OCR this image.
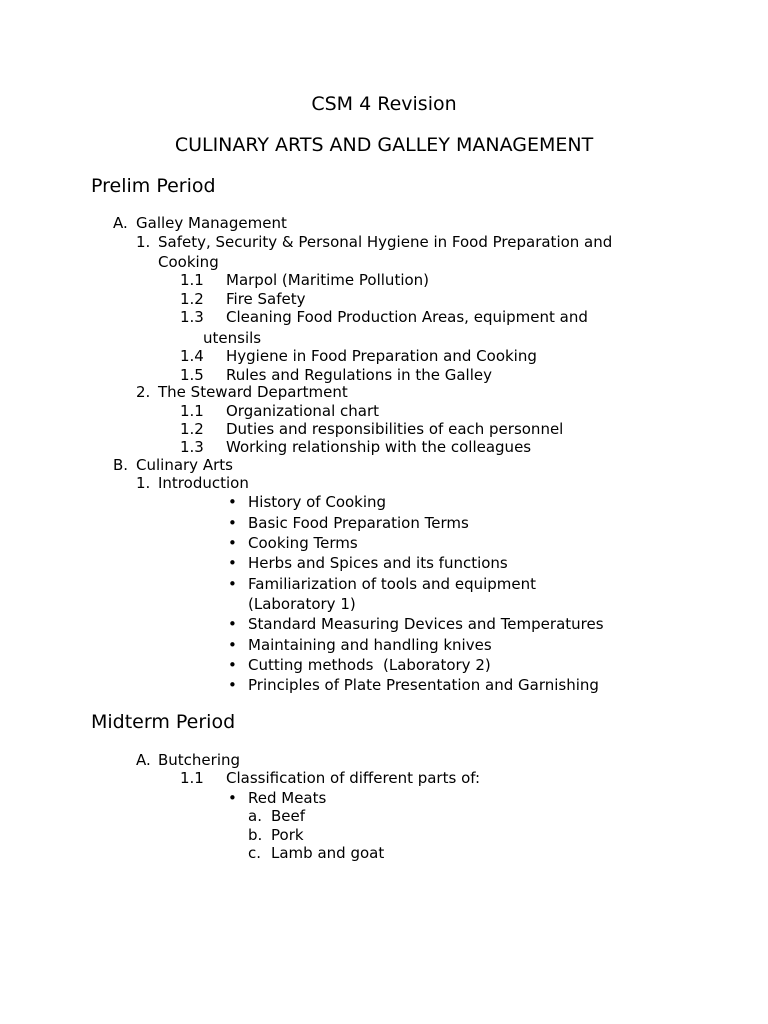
CSM 4 Revision
CULINARY ARTS AND GALLEY MANAGEMENT
Prelim Period
A. Galley Management
1. Safety, Security & Personal Hygiene in Food Preparation and
Cooking
1.1 Marpol (Maritime Pollution)
1.2 Fire Safety
1.3 Cleaning Food Production Areas, equipment and
utensils
1.4 Hygiene in Food Preparation and Cooking
1.5 Rules and Regulations in the Galley
2. The Steward Department
1.1 Organizational chart
1.2 Duties and responsibilities of each personnel
1.3 Working relationship with the colleagues
B. Culinary Arts
1. Introduction
• History of Cooking
• Basic Food Preparation Terms
• Cooking Terms
• Herbs and Spices and its functions
• Familiarization of tools and equipment
(Laboratory 1)
• Standard Measuring Devices and Temperatures
• Maintaining and handling knives
• Cutting methods  (Laboratory 2)
• Principles of Plate Presentation and Garnishing
Midterm Period
A. Butchering
1.1 Classification of different parts of:
• Red Meats
a. Beef
b. Pork
c. Lamb and goat
